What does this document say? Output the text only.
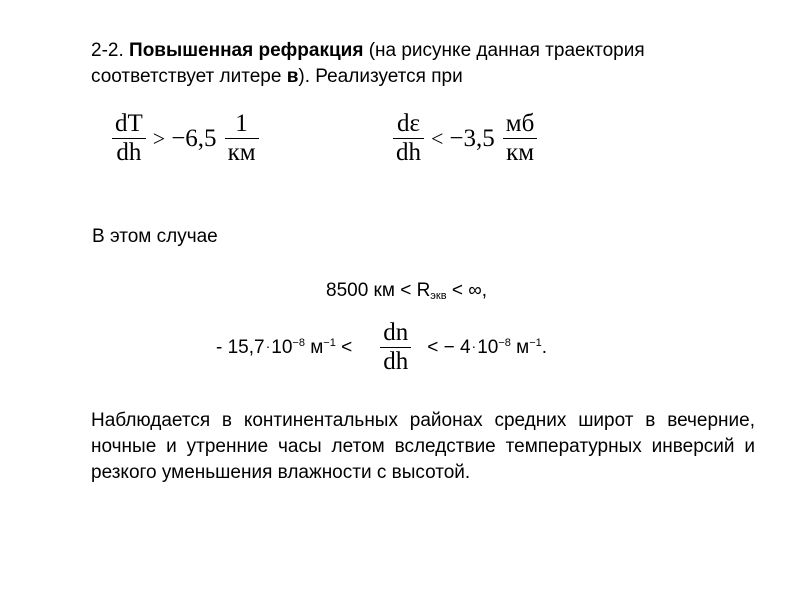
2-2. Повышенная рефракция (на рисунке данная траектория соответствует литере в). Реализуется при
$\frac{dT}{dh} > -6,5 \frac{1}{км}$	$\frac{d\varepsilon}{dh} < -3,5 \frac{мб}{км}$
В этом случае
8500 км < $R_{экв}$ < ∞,
- $15,7\cdot 10^{-8}$ $м^{-1} < \frac{dn}{dh}$ < − $4\cdot 10^{-8}$ $м^{-1}$.
Наблюдается в континентальных районах средних широт в вечерние, ночные и утренние часы летом вследствие температурных инверсий и резкого уменьшения влажности с высотой.
